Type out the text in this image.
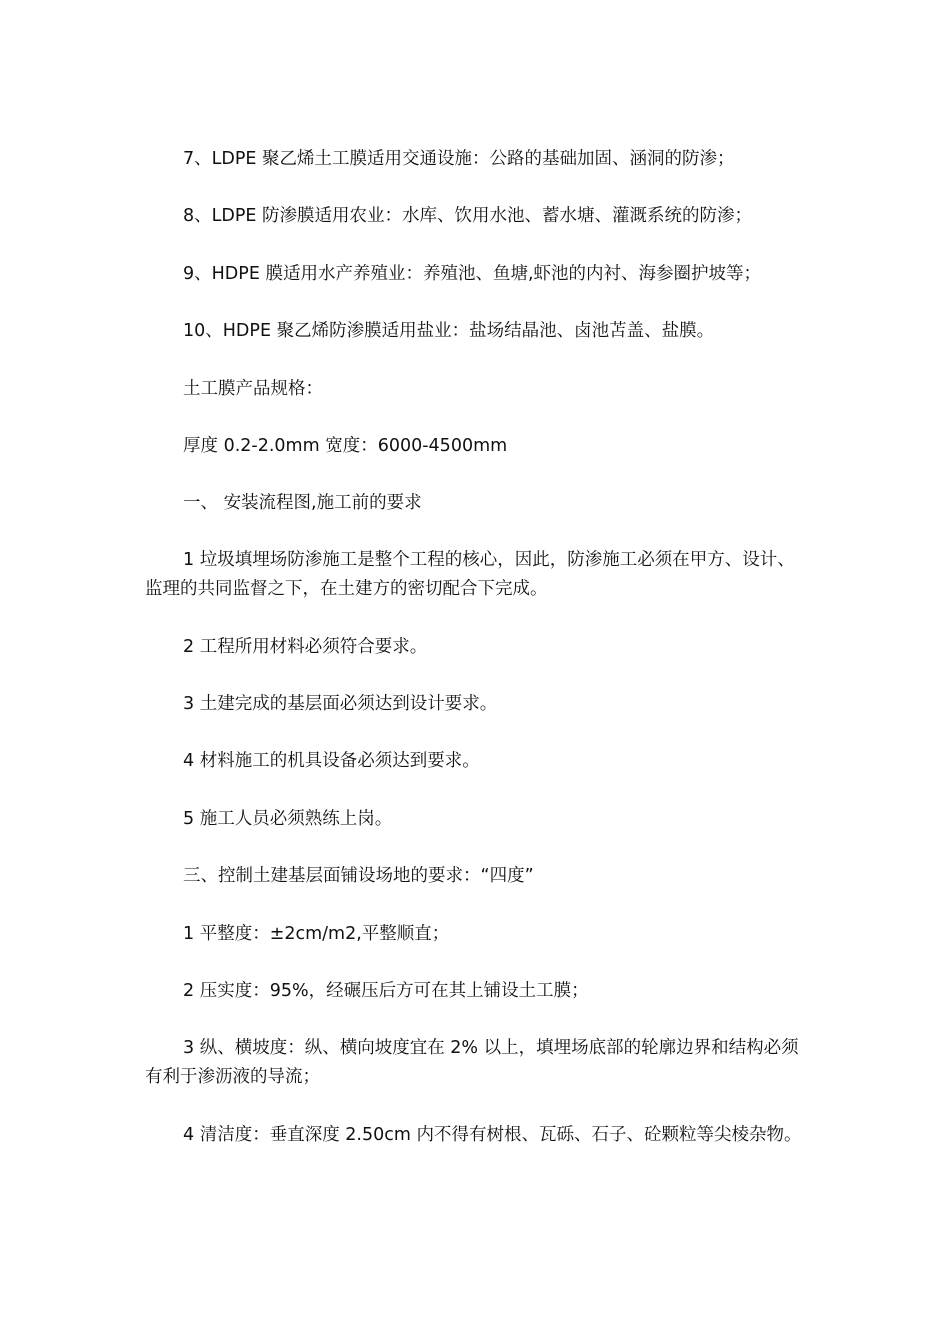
7、LDPE 聚乙烯土工膜适用交通设施：公路的基础加固、涵洞的防渗；

8、LDPE 防渗膜适用农业：水库、饮用水池、蓄水塘、灌溉系统的防渗；

9、HDPE 膜适用水产养殖业：养殖池、鱼塘,虾池的内衬、海参圈护坡等；

10、HDPE 聚乙烯防渗膜适用盐业：盐场结晶池、卤池苫盖、盐膜。

土工膜产品规格：

厚度 0.2-2.0mm 宽度：6000-4500mm

一、 安装流程图,施工前的要求

1 垃圾填埋场防渗施工是整个工程的核心，因此，防渗施工必须在甲方、设计、监理的共同监督之下，在土建方的密切配合下完成。

2 工程所用材料必须符合要求。

3 土建完成的基层面必须达到设计要求。

4 材料施工的机具设备必须达到要求。

5 施工人员必须熟练上岗。

三、控制土建基层面铺设场地的要求：“四度”

1 平整度：±2cm/m2,平整顺直；

2 压实度：95%，经碾压后方可在其上铺设土工膜；

3 纵、横坡度：纵、横向坡度宜在 2% 以上，填埋场底部的轮廓边界和结构必须有利于渗沥液的导流；

4 清洁度：垂直深度 2.50cm 内不得有树根、瓦砾、石子、砼颗粒等尖棱杂物。
